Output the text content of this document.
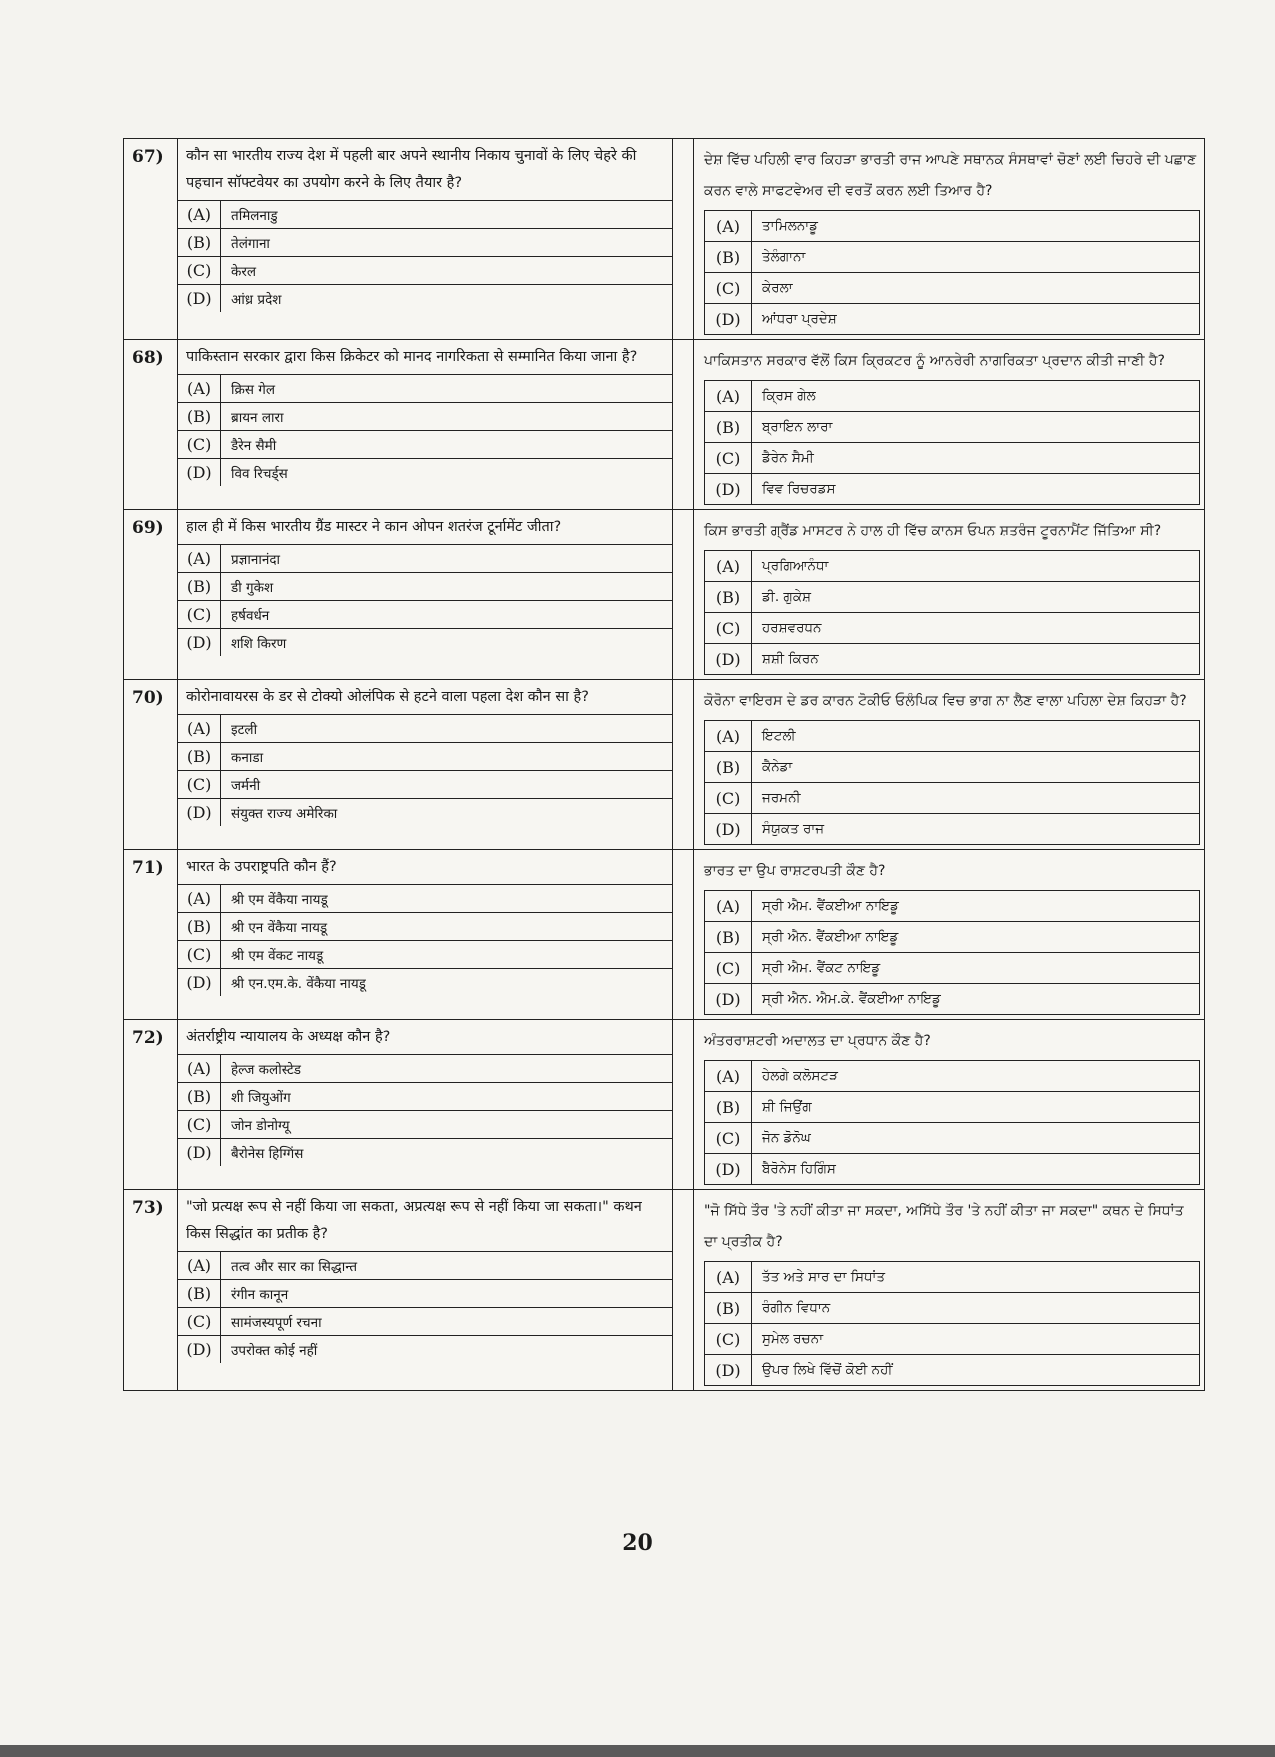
67)	कौन सा भारतीय राज्य देश में पहली बार अपने स्थानीय निकाय चुनावों के लिए चेहरे की पहचान सॉफ्टवेयर का उपयोग करने के लिए तैयार है?
(A)	तमिलनाडु
(B)	तेलंगाना
(C)	केरल
(D)	आंध्र प्रदेश
ਦੇਸ਼ ਵਿੱਚ ਪਹਿਲੀ ਵਾਰ ਕਿਹੜਾ ਭਾਰਤੀ ਰਾਜ ਆਪਣੇ ਸਥਾਨਕ ਸੰਸਥਾਵਾਂ ਚੋਣਾਂ ਲਈ ਚਿਹਰੇ ਦੀ ਪਛਾਣ ਕਰਨ ਵਾਲੇ ਸਾਫਟਵੇਅਰ ਦੀ ਵਰਤੋਂ ਕਰਨ ਲਈ ਤਿਆਰ ਹੈ?
(A)	ਤਾਮਿਲਨਾਡੂ
(B)	ਤੇਲੰਗਾਨਾ
(C)	ਕੇਰਲਾ
(D)	ਆਂਧਰਾ ਪ੍ਰਦੇਸ਼
68)	पाकिस्तान सरकार द्वारा किस क्रिकेटर को मानद नागरिकता से सम्मानित किया जाना है?
(A)	क्रिस गेल
(B)	ब्रायन लारा
(C)	डैरेन सैमी
(D)	विव रिचर्ड्स
ਪਾਕਿਸਤਾਨ ਸਰਕਾਰ ਵੱਲੋਂ ਕਿਸ ਕ੍ਰਿਕਟਰ ਨੂੰ ਆਨਰੇਰੀ ਨਾਗਰਿਕਤਾ ਪ੍ਰਦਾਨ ਕੀਤੀ ਜਾਣੀ ਹੈ?
(A)	ਕ੍ਰਿਸ ਗੇਲ
(B)	ਬ੍ਰਾਇਨ ਲਾਰਾ
(C)	ਡੈਰੇਨ ਸੈਮੀ
(D)	ਵਿਵ ਰਿਚਰਡਸ
69)	हाल ही में किस भारतीय ग्रैंड मास्टर ने कान ओपन शतरंज टूर्नामेंट जीता?
(A)	प्रज्ञानानंदा
(B)	डी गुकेश
(C)	हर्षवर्धन
(D)	शशि किरण
ਕਿਸ ਭਾਰਤੀ ਗ੍ਰੈਂਡ ਮਾਸਟਰ ਨੇ ਹਾਲ ਹੀ ਵਿੱਚ ਕਾਨਸ ਓਪਨ ਸ਼ਤਰੰਜ ਟੂਰਨਾਮੈਂਟ ਜਿੱਤਿਆ ਸੀ?
(A)	ਪ੍ਰਗਿਆਨੰਧਾ
(B)	ਡੀ. ਗੁਕੇਸ਼
(C)	ਹਰਸ਼ਵਰਧਨ
(D)	ਸ਼ਸ਼ੀ ਕਿਰਨ
70)	कोरोनावायरस के डर से टोक्यो ओलंपिक से हटने वाला पहला देश कौन सा है?
(A)	इटली
(B)	कनाडा
(C)	जर्मनी
(D)	संयुक्त राज्य अमेरिका
ਕੋਰੋਨਾ ਵਾਇਰਸ ਦੇ ਡਰ ਕਾਰਨ ਟੋਕੀਓ ਓਲੰਪਿਕ ਵਿਚ ਭਾਗ ਨਾ ਲੈਣ ਵਾਲਾ ਪਹਿਲਾ ਦੇਸ਼ ਕਿਹੜਾ ਹੈ?
(A)	ਇਟਲੀ
(B)	ਕੈਨੇਡਾ
(C)	ਜਰਮਨੀ
(D)	ਸੰਯੁਕਤ ਰਾਜ
71)	भारत के उपराष्ट्रपति कौन हैं?
(A)	श्री एम वेंकैया नायडू
(B)	श्री एन वेंकैया नायडू
(C)	श्री एम वेंकट नायडू
(D)	श्री एन.एम.के. वेंकैया नायडू
ਭਾਰਤ ਦਾ ਉਪ ਰਾਸ਼ਟਰਪਤੀ ਕੌਣ ਹੈ?
(A)	ਸ੍ਰੀ ਐਮ. ਵੈਂਕਈਆ ਨਾਇਡੂ
(B)	ਸ੍ਰੀ ਐਨ. ਵੈਂਕਈਆ ਨਾਇਡੂ
(C)	ਸ੍ਰੀ ਐਮ. ਵੈਂਕਟ ਨਾਇਡੂ
(D)	ਸ੍ਰੀ ਐਨ. ਐਮ.ਕੇ. ਵੈਂਕਈਆ ਨਾਇਡੂ
72)	अंतर्राष्ट्रीय न्यायालय के अध्यक्ष कौन है?
(A)	हेल्ज कलोस्टेड
(B)	शी जियुओंग
(C)	जोन डोनोग्यू
(D)	बैरोनेस हिग्गिंस
ਅੰਤਰਰਾਸ਼ਟਰੀ ਅਦਾਲਤ ਦਾ ਪ੍ਰਧਾਨ ਕੌਣ ਹੈ?
(A)	ਹੇਲਗੇ ਕਲੋਸਟੜ
(B)	ਸ਼ੀ ਜਿਉਂਗ
(C)	ਜੋਨ ਡੋਨੋਘ
(D)	ਬੈਰੋਨੇਸ ਹਿਗਿੰਸ
73)	"जो प्रत्यक्ष रूप से नहीं किया जा सकता, अप्रत्यक्ष रूप से नहीं किया जा सकता।" कथन किस सिद्धांत का प्रतीक है?
(A)	तत्व और सार का सिद्धान्त
(B)	रंगीन कानून
(C)	सामंजस्यपूर्ण रचना
(D)	उपरोक्त कोई नहीं
"ਜੋ ਸਿੱਧੇ ਤੌਰ 'ਤੇ ਨਹੀਂ ਕੀਤਾ ਜਾ ਸਕਦਾ, ਅਸਿੱਧੇ ਤੌਰ 'ਤੇ ਨਹੀਂ ਕੀਤਾ ਜਾ ਸਕਦਾ" ਕਥਨ ਦੇ ਸਿਧਾਂਤ ਦਾ ਪ੍ਰਤੀਕ ਹੈ?
(A)	ਤੱਤ ਅਤੇ ਸਾਰ ਦਾ ਸਿਧਾਂਤ
(B)	ਰੰਗੀਨ ਵਿਧਾਨ
(C)	ਸੁਮੇਲ ਰਚਨਾ
(D)	ਉਪਰ ਲਿਖੇ ਵਿੱਚੋਂ ਕੋਈ ਨਹੀਂ
20
